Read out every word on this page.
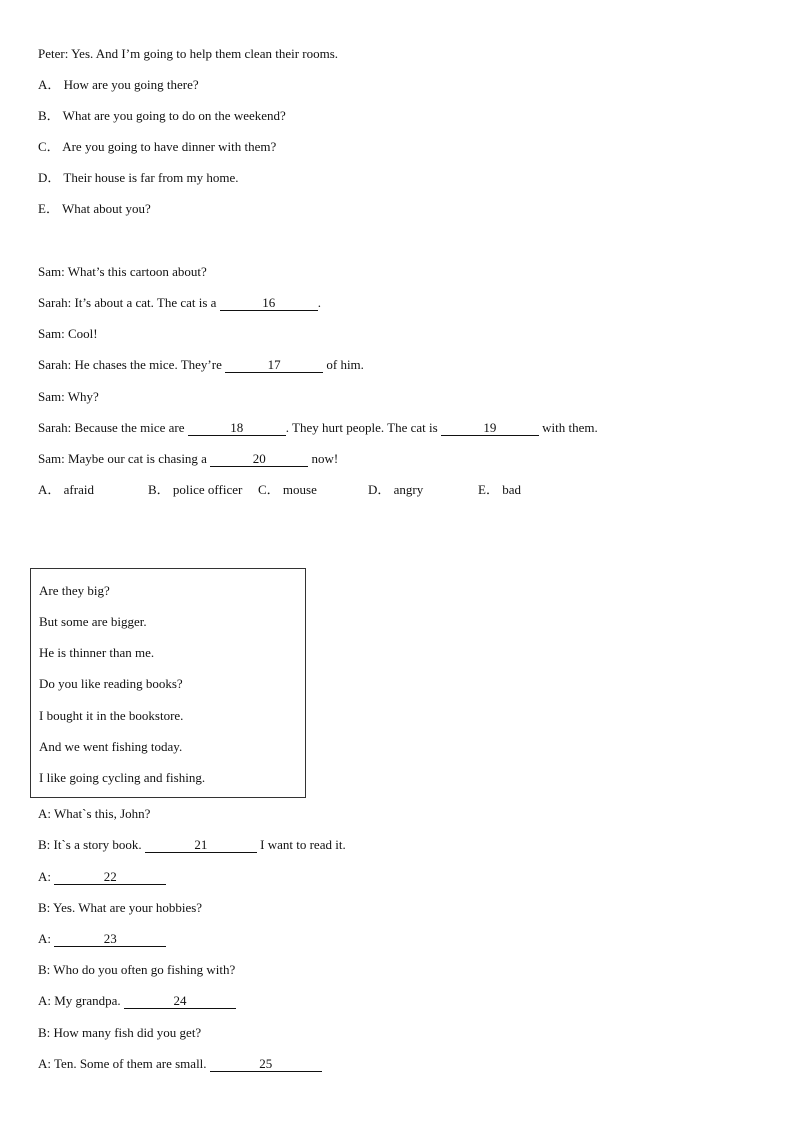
Peter: Yes. And I’m going to help them clean their rooms.
A． How are you going there?
B． What are you going to do on the weekend?
C． Are you going to have dinner with them?
D． Their house is far from my home.
E． What about you?
Sam: What’s this cartoon about?
Sarah: It’s about a cat. The cat is a	16	.
Sam: Cool!
Sarah: He chases the mice. They’re	17	of him.
Sam: Why?
Sarah: Because the mice are	18	. They hurt people. The cat is	19	with them.
Sam: Maybe our cat is chasing a	20	now!
A． afraid	B． police officer C． mouse	D． angry	E． bad
Are they big?
But some are bigger.
He is thinner than me.
Do you like reading books?
I bought it in the bookstore.
And we went fishing today.
I like going cycling and fishing.
A: What`s this, John?
B: It`s a story book.	21	I want to read it.
A:	22
B: Yes. What are your hobbies?
A:	23
B: Who do you often go fishing with?
A: My grandpa.	24
B: How many fish did you get?
A: Ten. Some of them are small.	25
